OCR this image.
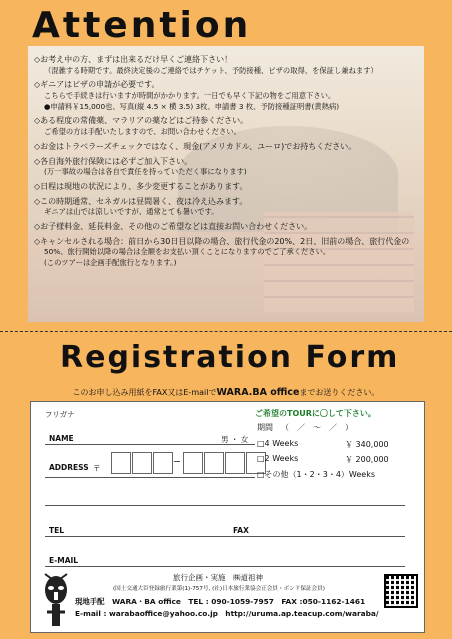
Attention
◇お考え中の方、まずは出来るだけ早くご連絡下さい！
（混雑する時期です。最終決定後のご連絡ではチケット、予防接種、ビザの取得、を保証し兼ねます）
◇ギニアはビザの申請が必要です。
こちらで手続きは行いますが時間がかかります。一日でも早く下記の物をご用意下さい。
●申請料￥15,000也、写真(縦 4.5 × 横 3.5) 3枚、申請書 3 枚、予防接種証明書(黄熱病)
◇ある程度の常備薬、マラリアの薬などはご持参ください。
ご希望の方は手配いたしますので、お問い合わせください。
◇お金はトラベラーズチェックではなく、現金(アメリカドル、ユーロ)でお持ちください。
◇各自海外旅行保険には必ずご加入下さい。
(万一事故の場合は各自で責任を持っていただく事になります)
◇日程は現地の状況により、多少変更することがあります。
◇この時期通常、セネガルは昼間暑く、夜は冷え込みます。
ギニアは山では涼しいですが、通常とても暑いです。
◇お子様料金、延長料金、その他のご希望などは直接お問い合わせください。
◇キャンセルされる場合：前日から30日目以降の場合、旅行代金の20%、2日、旧前の場合、旅行代金の
50%、旅行開始以降の場合は全額をお支払い頂くことになりますのでご了承ください。
(このツアーは企画手配旅行となります。)
Registration Form
このお申し込み用紙をFAX又はE-mailでWARA.BA officeまでお送りください。
フリガナ
NAME	男 ・ 女
ADDRESS 〒
TEL	FAX
E-MAIL
ご希望のTOURに〇して下さい。
期間 （　／　〜　／　）
□4 Weeks	￥ 340,000
□2 Weeks	￥ 200,000
□その他（1・2・3・4）Weeks
旅行企画・実施　㈱道祖神
(国土交通大臣登録旅行業第(1)-757号, (社)日本旅行業協会正会員・ボンド保証会員)
現地手配　WARA・BA office　TEL : 090-1059-7957　FAX :050-1162-1461
E-mail : warabaoffice@yahoo.co.jp　http://uruma.ap.teacup.com/waraba/
